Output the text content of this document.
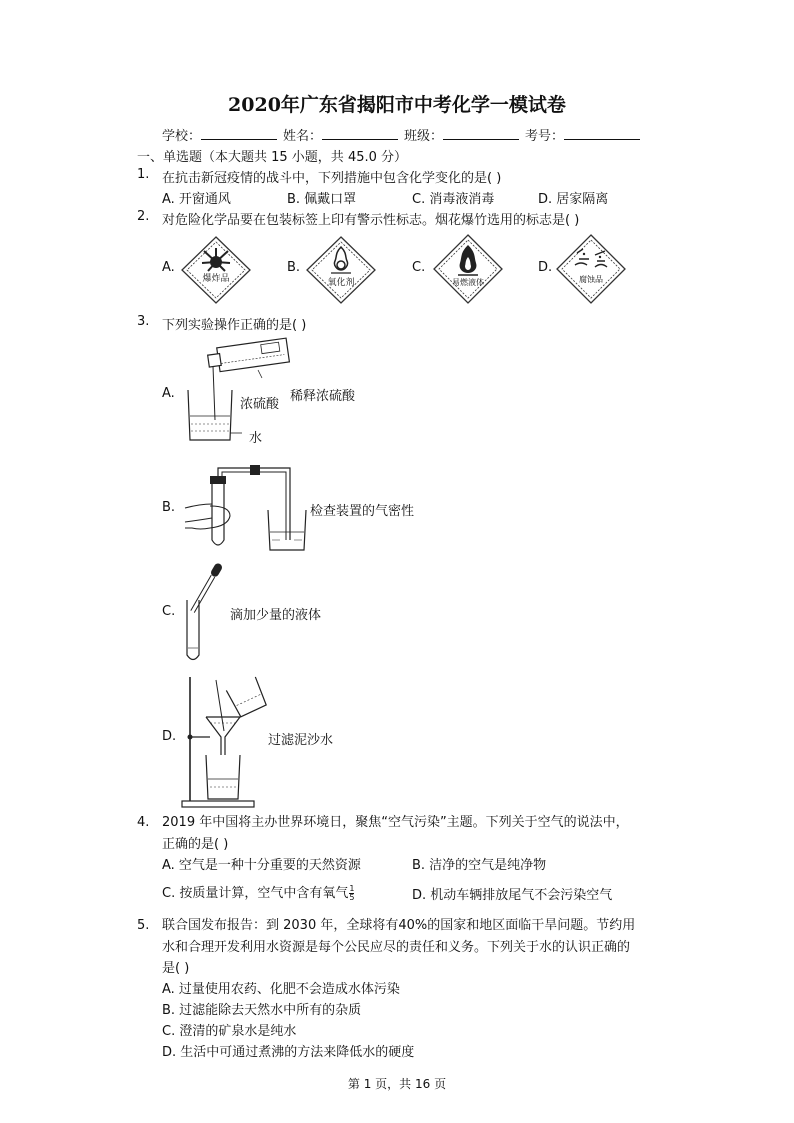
2020年广东省揭阳市中考化学一模试卷
学校：	姓名：	班级：	考号：
一、单选题（本大题共 15 小题，共 45.0 分）
1. 在抗击新冠疫情的战斗中，下列措施中包含化学变化的是( )
A. 开窗通风	B. 佩戴口罩	C. 消毒液消毒	D. 居家隔离
2. 对危险化学品要在包装标签上印有警示性标志。烟花爆竹选用的标志是( )
A.	B.	C.	D.
爆炸品	氧化剂	易燃液体	腐蚀品
3. 下列实验操作正确的是( )
A.
浓硫酸
水
稀释浓硫酸
B.	检查装置的气密性
C.	滴加少量的液体
D.	过滤泥沙水
4. 2019 年中国将主办世界环境日，聚焦“空气污染”主题。下列关于空气的说法中，
正确的是( )
A. 空气是一种十分重要的天然资源	B. 洁净的空气是纯净物
C. 按质量计算，空气中含有氧气 $\frac{1}{5}$	D. 机动车辆排放尾气不会污染空气
5. 联合国发布报告：到 2030 年，全球将有40%的国家和地区面临干旱问题。节约用
水和合理开发利用水资源是每个公民应尽的责任和义务。下列关于水的认识正确的
是( )
A. 过量使用农药、化肥不会造成水体污染
B. 过滤能除去天然水中所有的杂质
C. 澄清的矿泉水是纯水
D. 生活中可通过煮沸的方法来降低水的硬度
第 1 页，共 16 页
